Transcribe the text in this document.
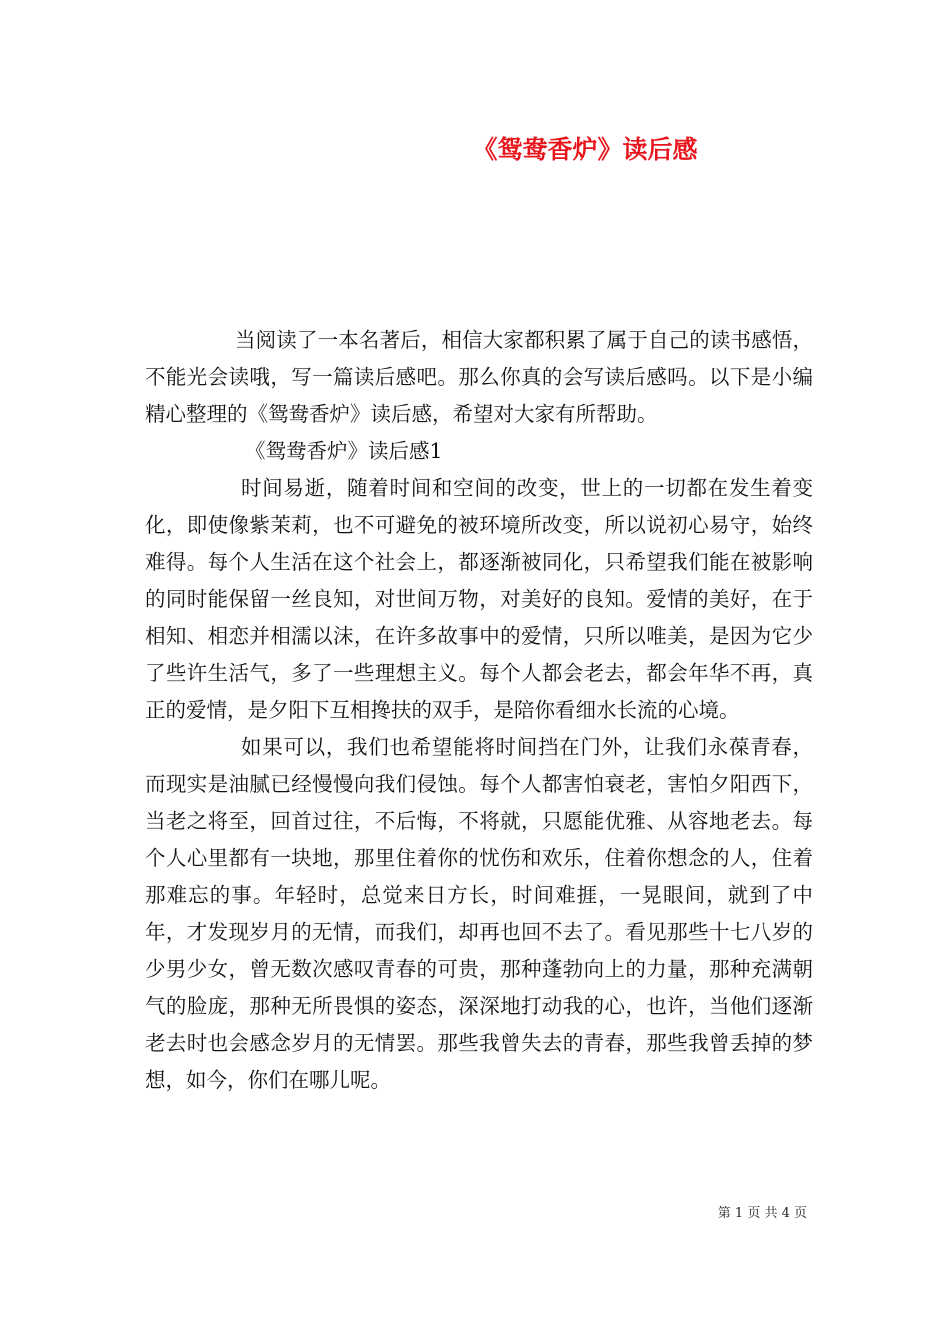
《鸳鸯香炉》读后感

当阅读了一本名著后，相信大家都积累了属于自己的读书感悟，不能光会读哦，写一篇读后感吧。那么你真的会写读后感吗。以下是小编精心整理的《鸳鸯香炉》读后感，希望对大家有所帮助。

《鸳鸯香炉》读后感1

时间易逝，随着时间和空间的改变，世上的一切都在发生着变化，即使像紫茉莉，也不可避免的被环境所改变，所以说初心易守，始终难得。每个人生活在这个社会上，都逐渐被同化，只希望我们能在被影响的同时能保留一丝良知，对世间万物，对美好的良知。爱情的美好，在于相知、相恋并相濡以沫，在许多故事中的爱情，只所以唯美，是因为它少了些许生活气，多了一些理想主义。每个人都会老去，都会年华不再，真正的爱情，是夕阳下互相搀扶的双手，是陪你看细水长流的心境。

如果可以，我们也希望能将时间挡在门外，让我们永葆青春，而现实是油腻已经慢慢向我们侵蚀。每个人都害怕衰老，害怕夕阳西下，当老之将至，回首过往，不后悔，不将就，只愿能优雅、从容地老去。每个人心里都有一块地，那里住着你的忧伤和欢乐，住着你想念的人，住着那难忘的事。年轻时，总觉来日方长，时间难捱，一晃眼间，就到了中年，才发现岁月的无情，而我们，却再也回不去了。看见那些十七八岁的少男少女，曾无数次感叹青春的可贵，那种蓬勃向上的力量，那种充满朝气的脸庞，那种无所畏惧的姿态，深深地打动我的心，也许，当他们逐渐老去时也会感念岁月的无情罢。那些我曾失去的青春，那些我曾丢掉的梦想，如今，你们在哪儿呢。

第 1 页 共 4 页
